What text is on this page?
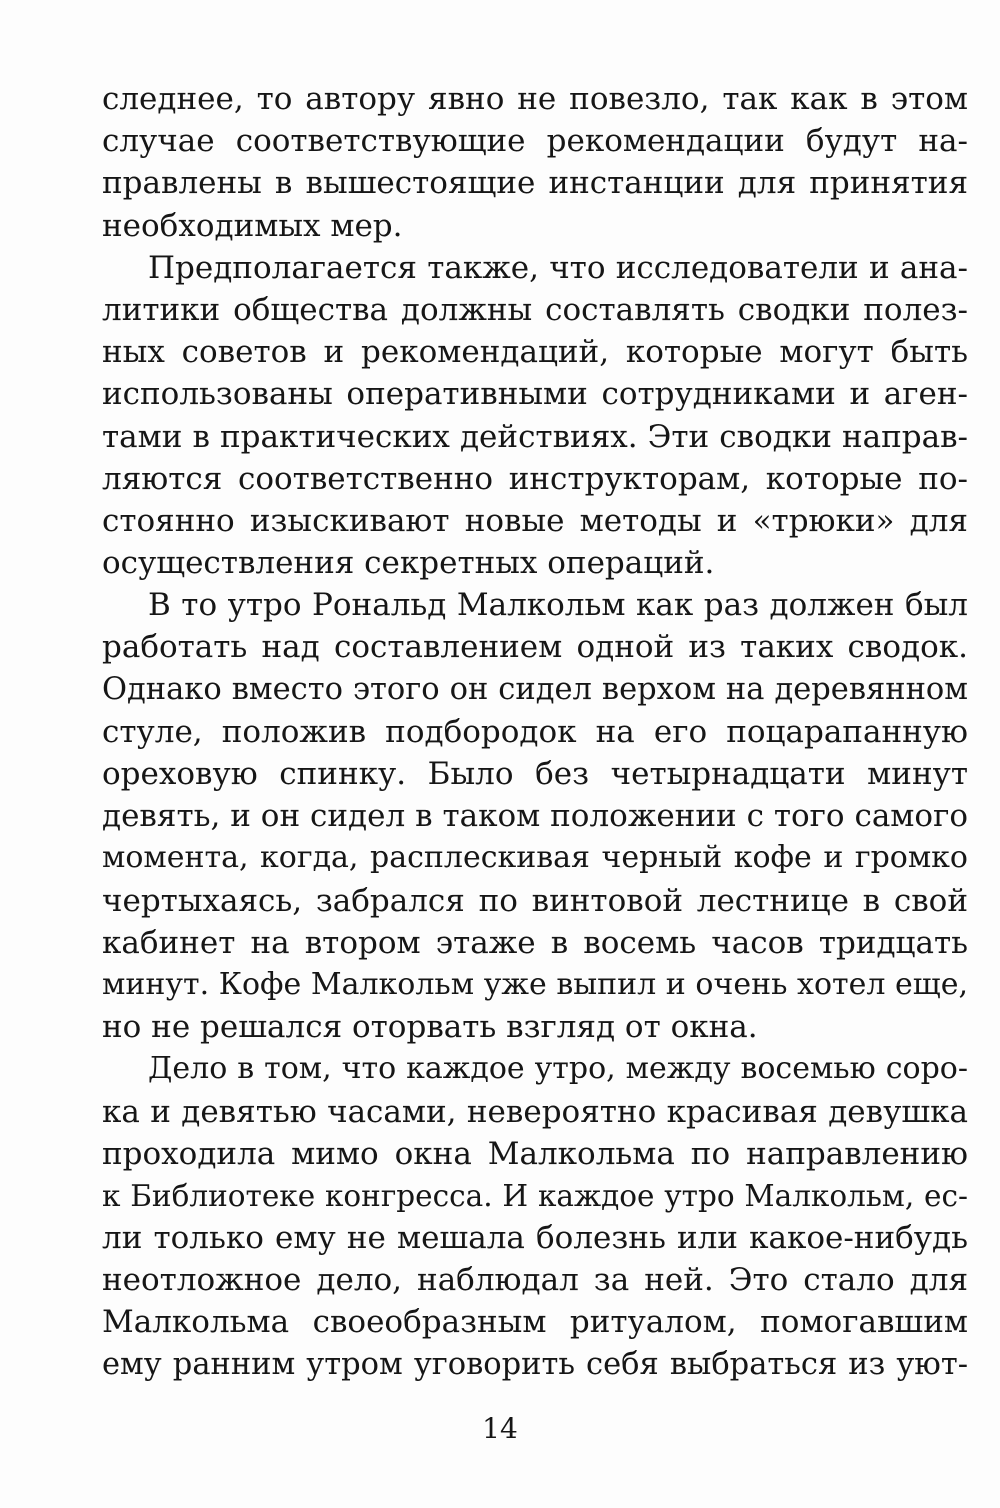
следнее, то автору явно не повезло, так как в этом
случае соответствующие рекомендации будут на-
правлены в вышестоящие инстанции для принятия
необходимых мер.
Предполагается также, что исследователи и ана-
литики общества должны составлять сводки полез-
ных советов и рекомендаций, которые могут быть
использованы оперативными сотрудниками и аген-
тами в практических действиях. Эти сводки направ-
ляются соответственно инструкторам, которые по-
стоянно изыскивают новые методы и «трюки» для
осуществления секретных операций.
В то утро Рональд Малкольм как раз должен был
работать над составлением одной из таких сводок.
Однако вместо этого он сидел верхом на деревянном
стуле, положив подбородок на его поцарапанную
ореховую спинку. Было без четырнадцати минут
девять, и он сидел в таком положении с того самого
момента, когда, расплескивая черный кофе и громко
чертыхаясь, забрался по винтовой лестнице в свой
кабинет на втором этаже в восемь часов тридцать
минут. Кофе Малкольм уже выпил и очень хотел еще,
но не решался оторвать взгляд от окна.
Дело в том, что каждое утро, между восемью соро-
ка и девятью часами, невероятно красивая девушка
проходила мимо окна Малкольма по направлению
к Библиотеке конгресса. И каждое утро Малкольм, ес-
ли только ему не мешала болезнь или какое-нибудь
неотложное дело, наблюдал за ней. Это стало для
Малкольма своеобразным ритуалом, помогавшим
ему ранним утром уговорить себя выбраться из уют-
14
